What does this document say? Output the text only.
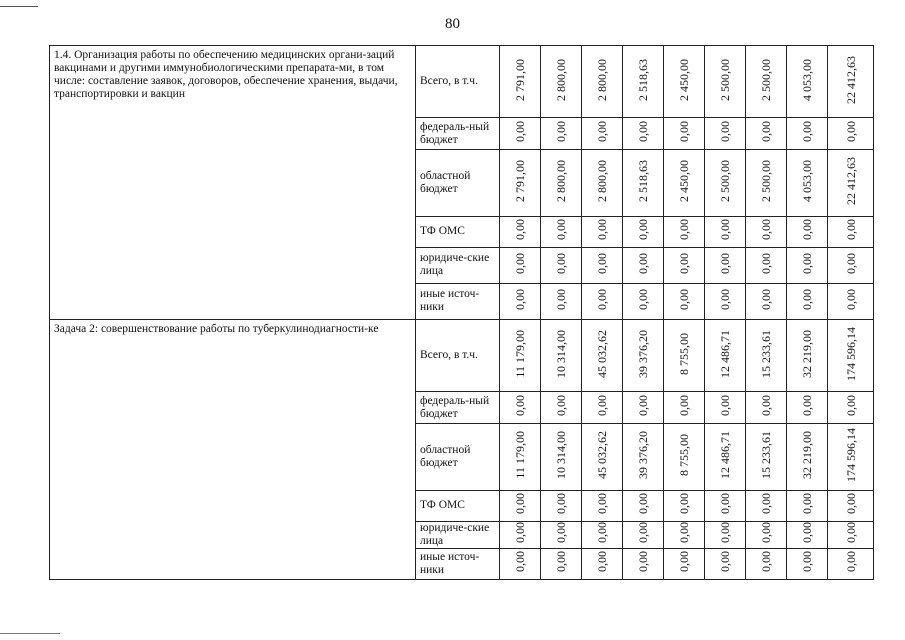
80
1.4. Организация работы по обеспечению медицинских органи-заций вакцинами и другими иммунобиологическими препарата-ми, в том числе: составление заявок, договоров, обеспечение хранения, выдачи, транспортировки и вакцин	Всего, в т.ч.	2 791,00	2 800,00	2 800,00	2 518,63	2 450,00	2 500,00	2 500,00	4 053,00	22 412,63
	федераль-ный бюджет	0,00	0,00	0,00	0,00	0,00	0,00	0,00	0,00	0,00
	областной бюджет	2 791,00	2 800,00	2 800,00	2 518,63	2 450,00	2 500,00	2 500,00	4 053,00	22 412,63
	ТФ ОМС	0,00	0,00	0,00	0,00	0,00	0,00	0,00	0,00	0,00
	юридиче-ские лица	0,00	0,00	0,00	0,00	0,00	0,00	0,00	0,00	0,00
	иные источ-ники	0,00	0,00	0,00	0,00	0,00	0,00	0,00	0,00	0,00
Задача 2: совершенствование работы по туберкулинодиагности-ке	Всего, в т.ч.	11 179,00	10 314,00	45 032,62	39 376,20	8 755,00	12 486,71	15 233,61	32 219,00	174 596,14
	федераль-ный бюджет	0,00	0,00	0,00	0,00	0,00	0,00	0,00	0,00	0,00
	областной бюджет	11 179,00	10 314,00	45 032,62	39 376,20	8 755,00	12 486,71	15 233,61	32 219,00	174 596,14
	ТФ ОМС	0,00	0,00	0,00	0,00	0,00	0,00	0,00	0,00	0,00
	юридиче-ские лица	0,00	0,00	0,00	0,00	0,00	0,00	0,00	0,00	0,00
	иные источ-ники	0,00	0,00	0,00	0,00	0,00	0,00	0,00	0,00	0,00
